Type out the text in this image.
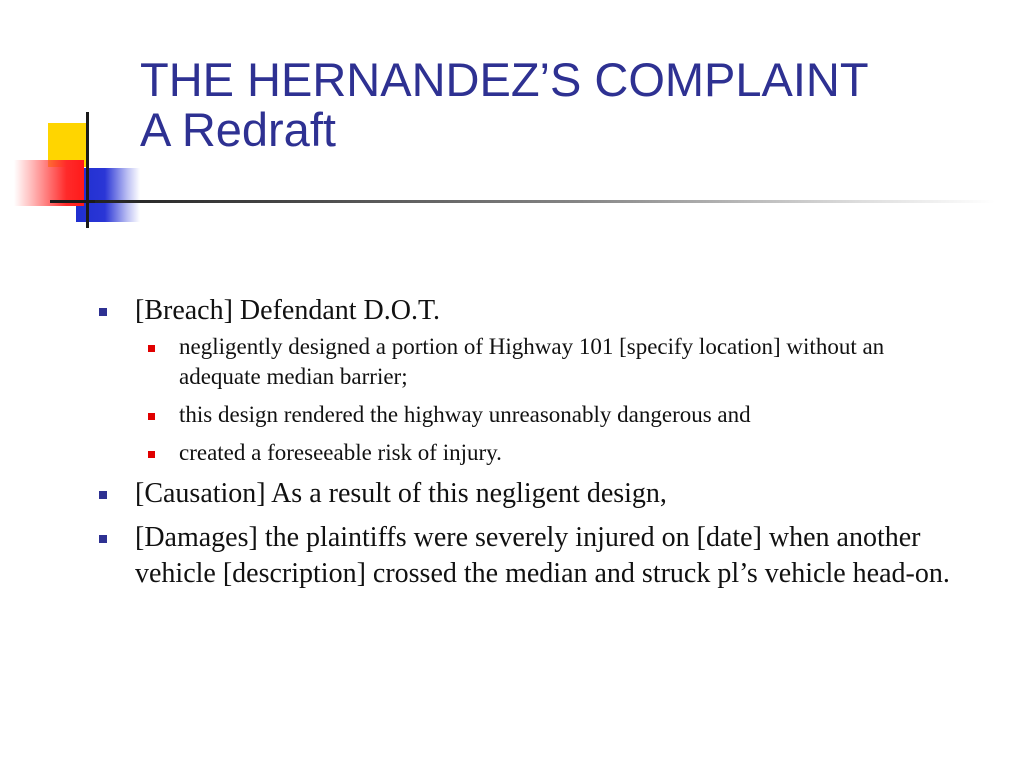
THE HERNANDEZ’S COMPLAINT
A Redraft
[Breach] Defendant D.O.T.
negligently designed a portion of Highway 101 [specify location] without an adequate median barrier;
this design rendered the highway unreasonably dangerous and
created a foreseeable risk of injury.
[Causation] As a result of this negligent design,
[Damages] the plaintiffs were severely injured on [date] when another vehicle [description] crossed the median and struck pl’s vehicle head-on.
